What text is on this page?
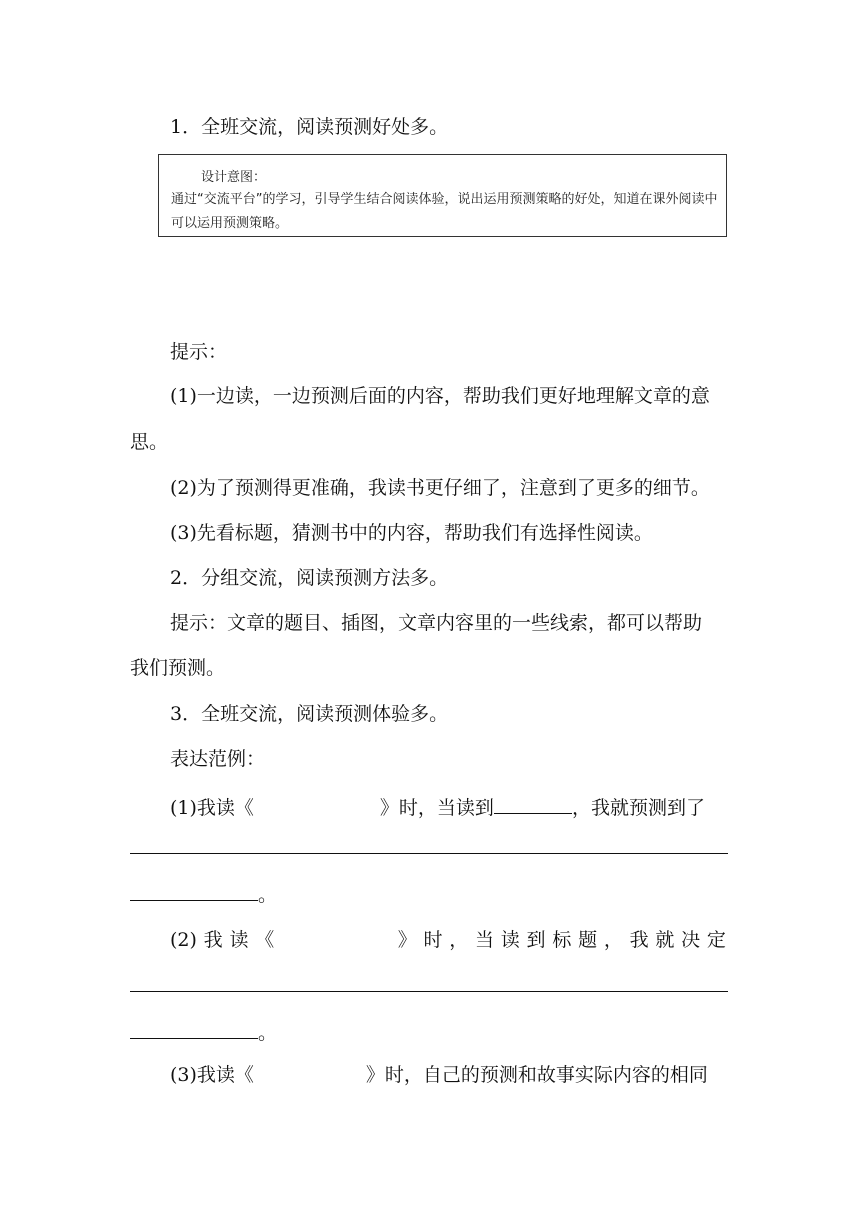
1．全班交流，阅读预测好处多。
设计意图：
通过“交流平台”的学习，引导学生结合阅读体验，说出运用预测策略的好处，知道在课外阅读中可以运用预测策略。
提示：
(1)一边读，一边预测后面的内容，帮助我们更好地理解文章的意
思。
(2)为了预测得更准确，我读书更仔细了，注意到了更多的细节。
(3)先看标题，猜测书中的内容，帮助我们有选择性阅读。
2．分组交流，阅读预测方法多。
提示：文章的题目、插图，文章内容里的一些线索，都可以帮助
我们预测。
3．全班交流，阅读预测体验多。
表达范例：
(1)我读《	》时，当读到	，我就预测到了
。
(2) 我 读 《	》 时 ， 当 读 到 标 题 ， 我 就 决 定
。
(3)我读《	》时，自己的预测和故事实际内容的相同
